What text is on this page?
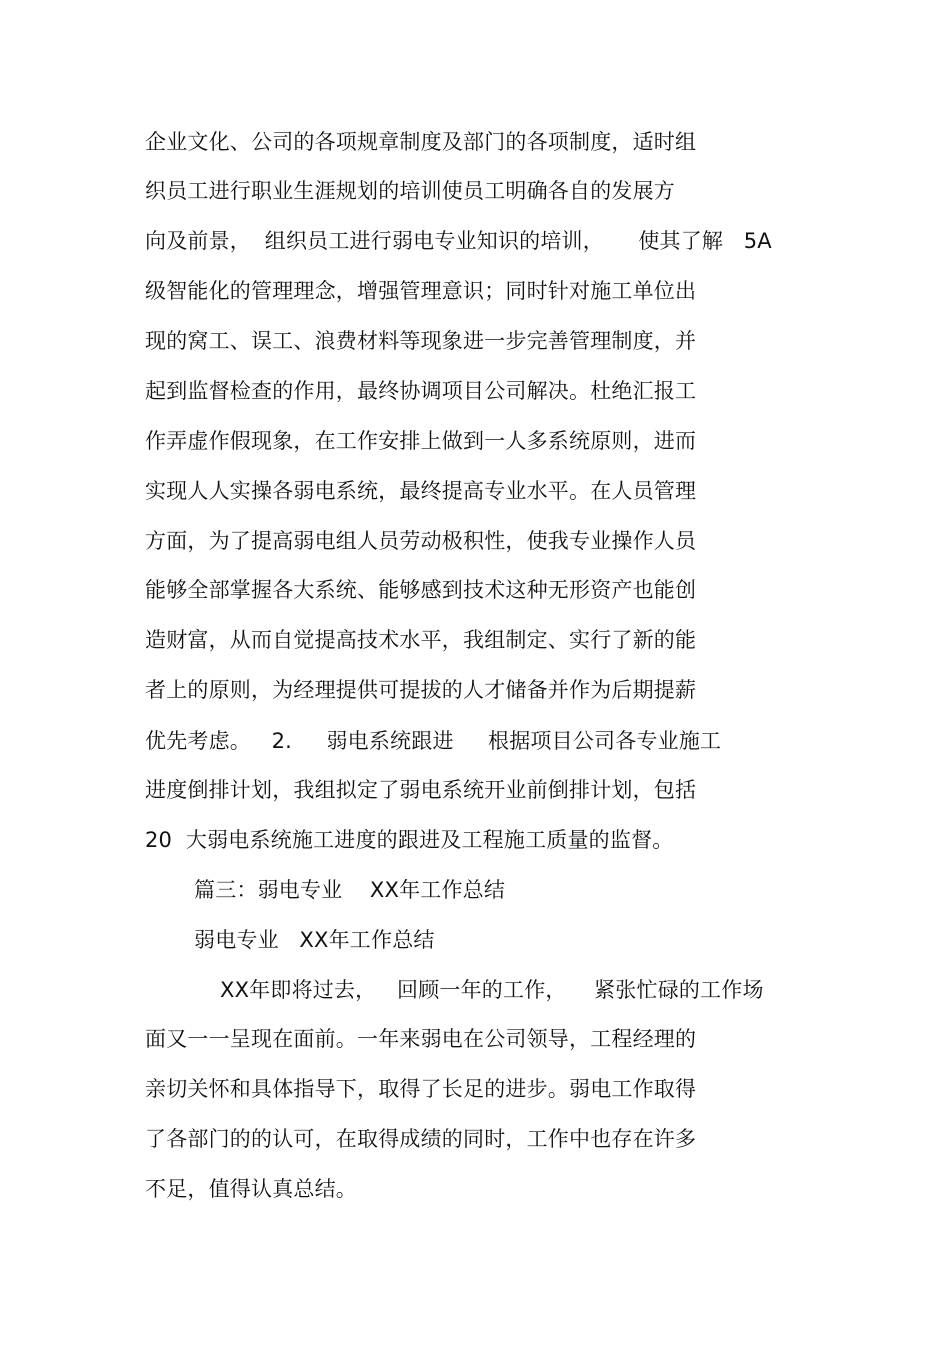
企业文化、公司的各项规章制度及部门的各项制度，适时组
织员工进行职业生涯规划的培训使员工明确各自的发展方
向及前景，  组织员工进行弱电专业知识的培训，     使其了解   5A
级智能化的管理理念，增强管理意识；同时针对施工单位出
现的窝工、误工、浪费材料等现象进一步完善管理制度，并
起到监督检查的作用，最终协调项目公司解决。杜绝汇报工
作弄虚作假现象，在工作安排上做到一人多系统原则，进而
实现人人实操各弱电系统，最终提高专业水平。在人员管理
方面，为了提高弱电组人员劳动极积性，使我专业操作人员
能够全部掌握各大系统、能够感到技术这种无形资产也能创
造财富，从而自觉提高技术水平，我组制定、实行了新的能
者上的原则，为经理提供可提拔的人才储备并作为后期提薪
优先考虑。   2.     弱电系统跟进     根据项目公司各专业施工
进度倒排计划，我组拟定了弱电系统开业前倒排计划，包括
20  大弱电系统施工进度的跟进及工程施工质量的监督。
篇三：弱电专业    XX年工作总结
弱电专业   XX年工作总结
XX年即将过去，   回顾一年的工作，    紧张忙碌的工作场
面又一一呈现在面前。一年来弱电在公司领导，工程经理的
亲切关怀和具体指导下，取得了长足的进步。弱电工作取得
了各部门的的认可，在取得成绩的同时，工作中也存在许多
不足，值得认真总结。
